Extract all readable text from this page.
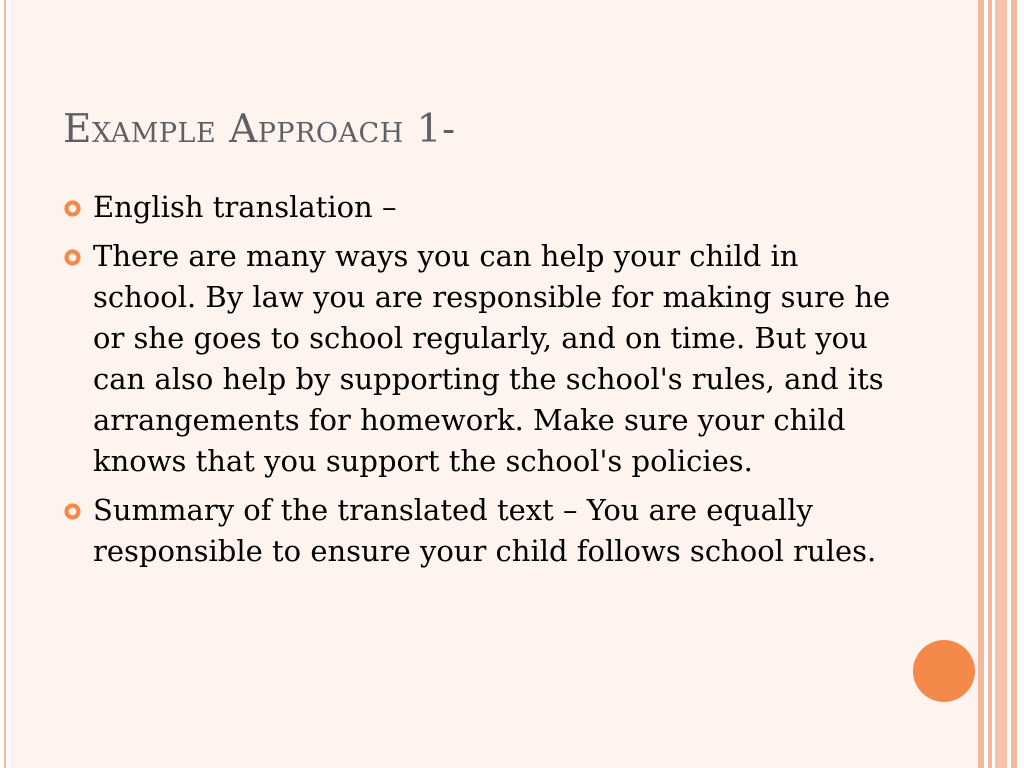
Example Approach 1-
English translation –
There are many ways you can help your child in school. By law you are responsible for making sure he or she goes to school regularly, and on time. But you can also help by supporting the school's rules, and its arrangements for homework. Make sure your child knows that you support the school's policies.
Summary of the translated text – You are equally responsible to ensure your child follows school rules.
